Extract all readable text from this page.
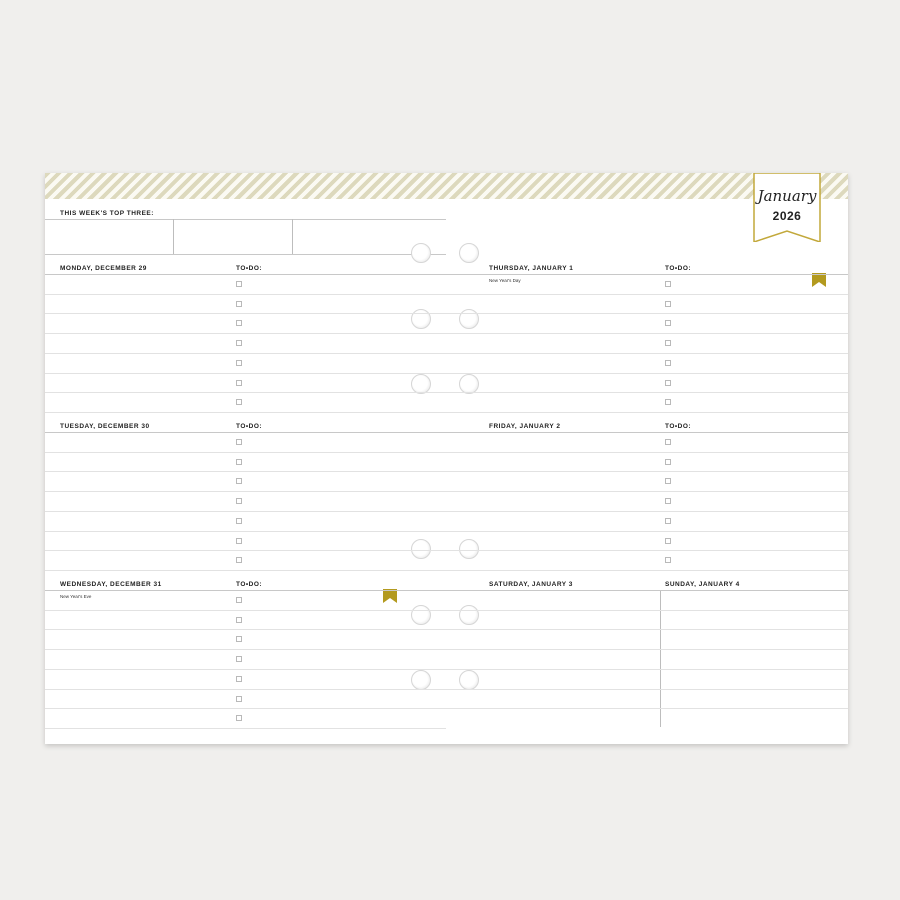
January
2026
THIS WEEK'S TOP THREE:
MONDAY, DECEMBER 29	TO•DO:	THURSDAY, JANUARY 1	TO•DO:
New Year's Day
TUESDAY, DECEMBER 30	TO•DO:	FRIDAY, JANUARY 2	TO•DO:
WEDNESDAY, DECEMBER 31	TO•DO:
New Year's Eve
SATURDAY, JANUARY 3	SUNDAY, JANUARY 4
